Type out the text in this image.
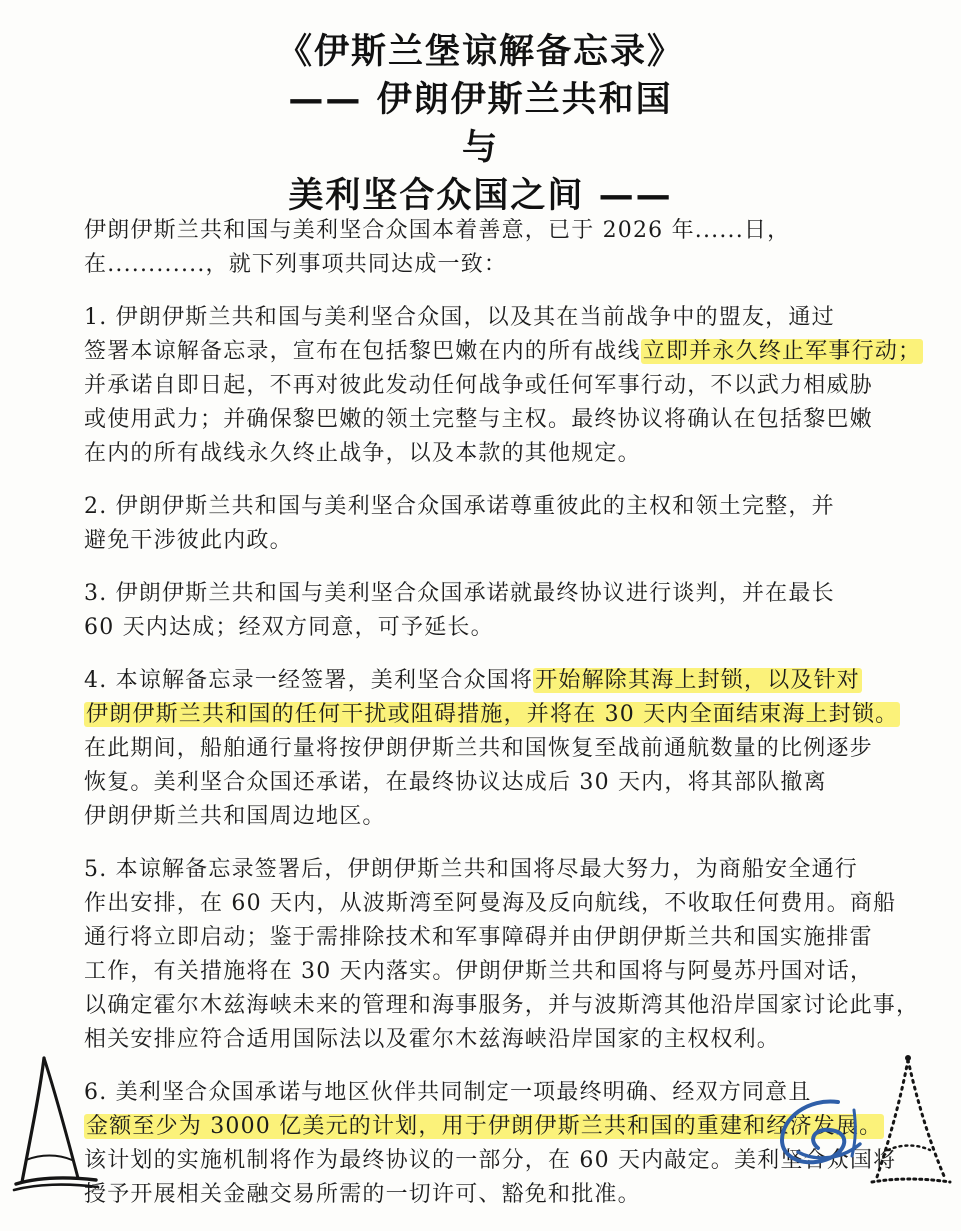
《伊斯兰堡谅解备忘录》
—— 伊朗伊斯兰共和国
与
美利坚合众国之间 ——
伊朗伊斯兰共和国与美利坚合众国本着善意，已于 2026 年......日，
在............，就下列事项共同达成一致：
1. 伊朗伊斯兰共和国与美利坚合众国，以及其在当前战争中的盟友，通过
签署本谅解备忘录，宣布在包括黎巴嫩在内的所有战线立即并永久终止军事行动；
并承诺自即日起，不再对彼此发动任何战争或任何军事行动，不以武力相威胁
或使用武力；并确保黎巴嫩的领土完整与主权。最终协议将确认在包括黎巴嫩
在内的所有战线永久终止战争，以及本款的其他规定。
2. 伊朗伊斯兰共和国与美利坚合众国承诺尊重彼此的主权和领土完整，并
避免干涉彼此内政。
3. 伊朗伊斯兰共和国与美利坚合众国承诺就最终协议进行谈判，并在最长
60 天内达成；经双方同意，可予延长。
4. 本谅解备忘录一经签署，美利坚合众国将开始解除其海上封锁，以及针对
伊朗伊斯兰共和国的任何干扰或阻碍措施，并将在 30 天内全面结束海上封锁。
在此期间，船舶通行量将按伊朗伊斯兰共和国恢复至战前通航数量的比例逐步
恢复。美利坚合众国还承诺，在最终协议达成后 30 天内，将其部队撤离
伊朗伊斯兰共和国周边地区。
5. 本谅解备忘录签署后，伊朗伊斯兰共和国将尽最大努力，为商船安全通行
作出安排，在 60 天内，从波斯湾至阿曼海及反向航线，不收取任何费用。商船
通行将立即启动；鉴于需排除技术和军事障碍并由伊朗伊斯兰共和国实施排雷
工作，有关措施将在 30 天内落实。伊朗伊斯兰共和国将与阿曼苏丹国对话，
以确定霍尔木兹海峡未来的管理和海事服务，并与波斯湾其他沿岸国家讨论此事，
相关安排应符合适用国际法以及霍尔木兹海峡沿岸国家的主权权利。
6. 美利坚合众国承诺与地区伙伴共同制定一项最终明确、经双方同意且
金额至少为 3000 亿美元的计划，用于伊朗伊斯兰共和国的重建和经济发展。
该计划的实施机制将作为最终协议的一部分，在 60 天内敲定。美利坚合众国将
授予开展相关金融交易所需的一切许可、豁免和批准。
